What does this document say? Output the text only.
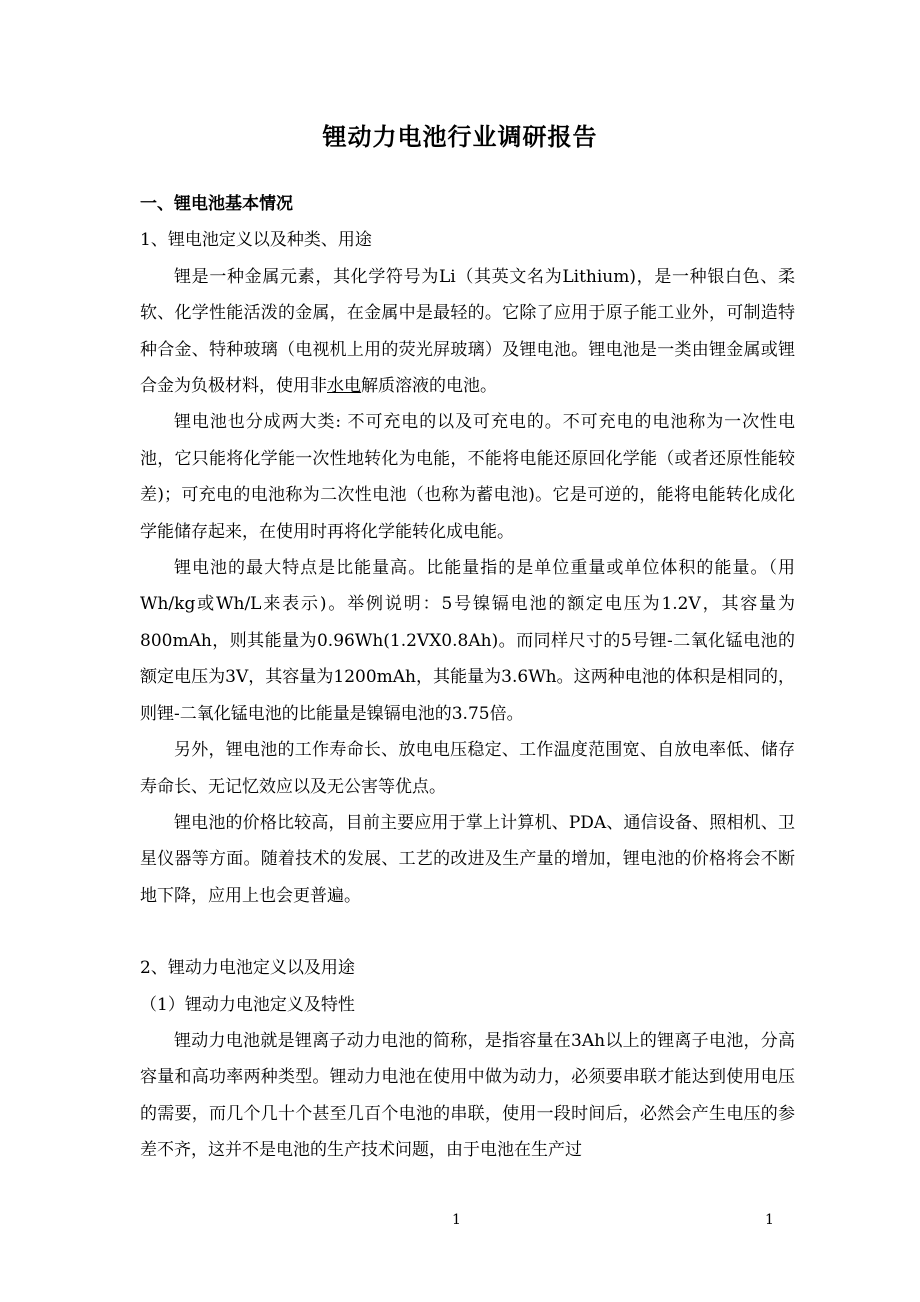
锂动力电池行业调研报告

一、锂电池基本情况

1、锂电池定义以及种类、用途

锂是一种金属元素，其化学符号为Li（其英文名为Lithium)，是一种银白色、柔软、化学性能活泼的金属，在金属中是最轻的。它除了应用于原子能工业外，可制造特种合金、特种玻璃（电视机上用的荧光屏玻璃）及锂电池。锂电池是一类由锂金属或锂合金为负极材料，使用非水电解质溶液的电池。

锂电池也分成两大类: 不可充电的以及可充电的。不可充电的电池称为一次性电池，它只能将化学能一次性地转化为电能，不能将电能还原回化学能（或者还原性能较差)；可充电的电池称为二次性电池（也称为蓄电池)。它是可逆的，能将电能转化成化学能储存起来，在使用时再将化学能转化成电能。

锂电池的最大特点是比能量高。比能量指的是单位重量或单位体积的能量。（用Wh/kg或Wh/L来表示)。举例说明：5号镍镉电池的额定电压为1.2V，其容量为800mAh，则其能量为0.96Wh(1.2VX0.8Ah)。而同样尺寸的5号锂-二氧化锰电池的额定电压为3V，其容量为1200mAh，其能量为3.6Wh。这两种电池的体积是相同的，则锂-二氧化锰电池的比能量是镍镉电池的3.75倍。

另外，锂电池的工作寿命长、放电电压稳定、工作温度范围宽、自放电率低、储存寿命长、无记忆效应以及无公害等优点。

锂电池的价格比较高，目前主要应用于掌上计算机、PDA、通信设备、照相机、卫星仪器等方面。随着技术的发展、工艺的改进及生产量的增加，锂电池的价格将会不断地下降，应用上也会更普遍。

2、锂动力电池定义以及用途

（1）锂动力电池定义及特性

锂动力电池就是锂离子动力电池的简称，是指容量在3Ah以上的锂离子电池，分高容量和高功率两种类型。锂动力电池在使用中做为动力，必须要串联才能达到使用电压的需要，而几个几十个甚至几百个电池的串联，使用一段时间后，必然会产生电压的参差不齐，这并不是电池的生产技术问题，由于电池在生产过

1	1
